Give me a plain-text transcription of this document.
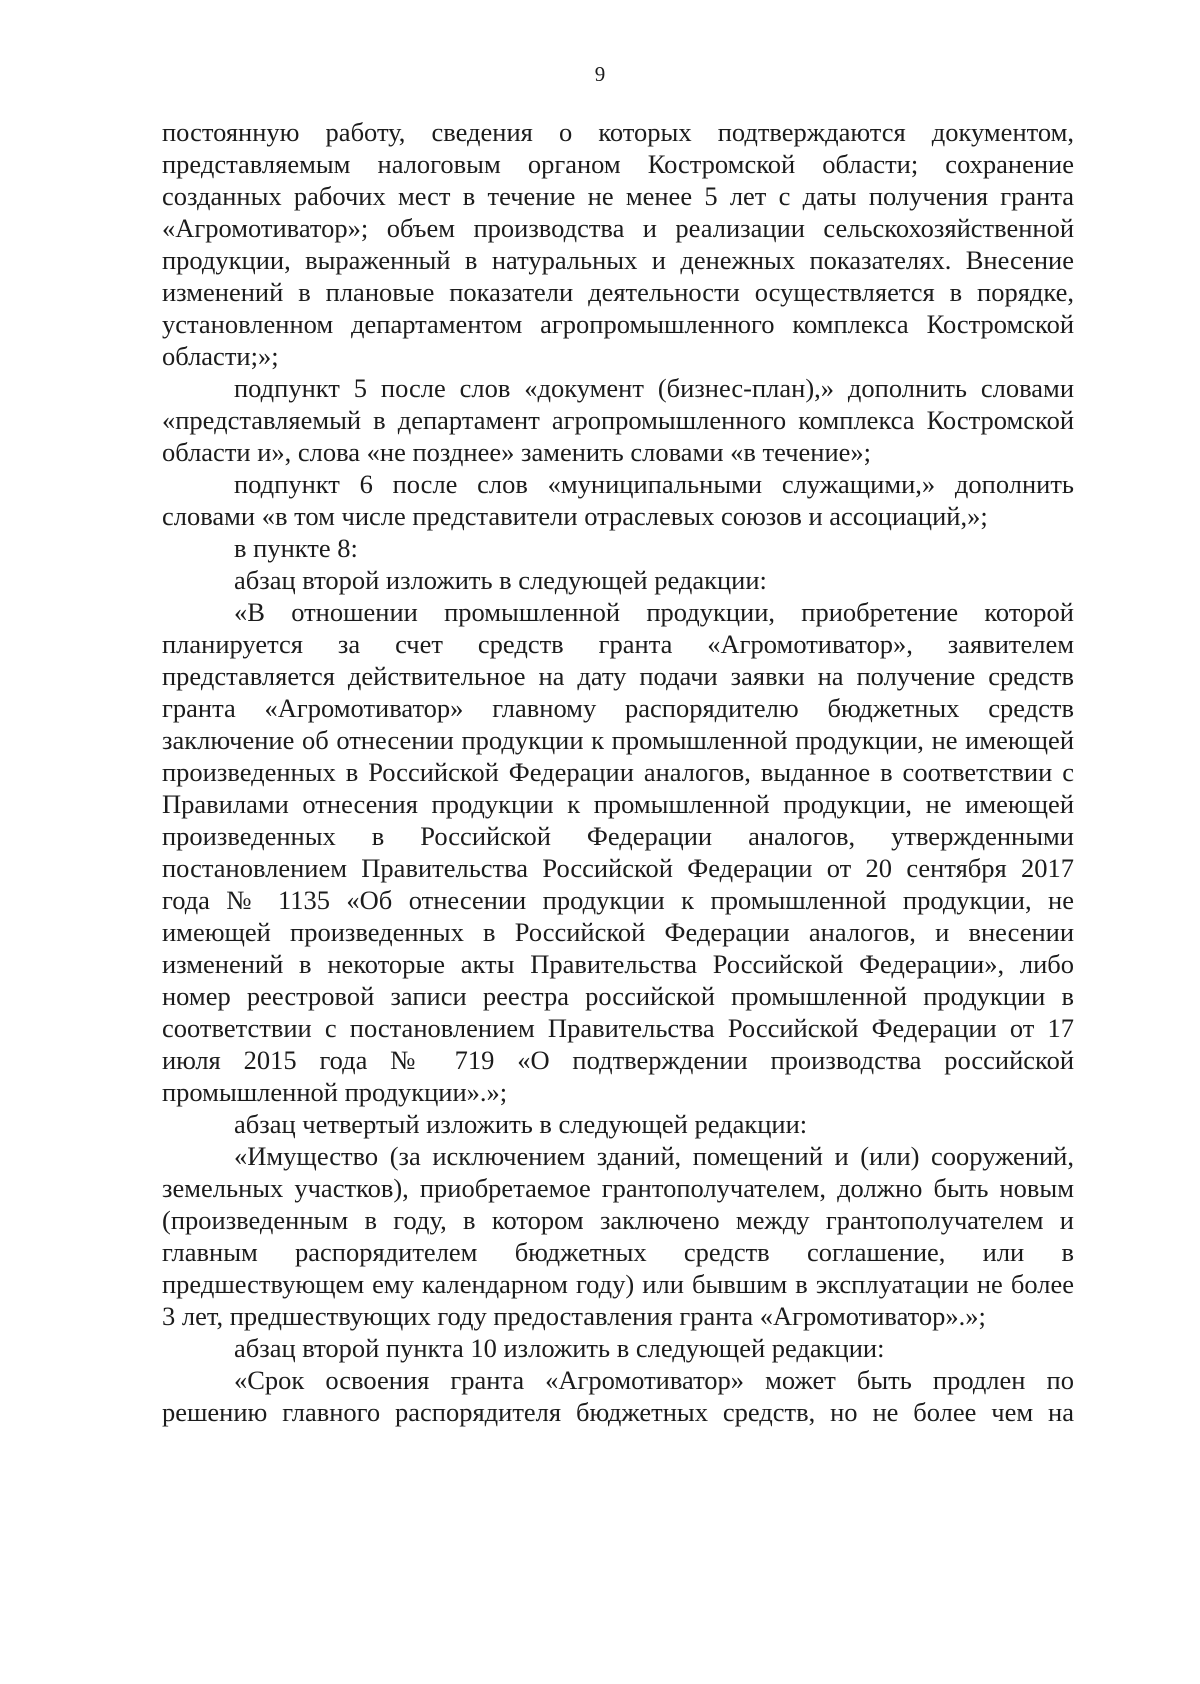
9

постоянную работу, сведения о которых подтверждаются документом, представляемым налоговым органом Костромской области; сохранение созданных рабочих мест в течение не менее 5 лет с даты получения гранта «Агромотиватор»; объем производства и реализации сельскохозяйственной продукции, выраженный в натуральных и денежных показателях. Внесение изменений в плановые показатели деятельности осуществляется в порядке, установленном департаментом агропромышленного комплекса Костромской области;»;

подпункт 5 после слов «документ (бизнес-план),» дополнить словами «представляемый в департамент агропромышленного комплекса Костромской области и», слова «не позднее» заменить словами «в течение»;

подпункт 6 после слов «муниципальными служащими,» дополнить словами «в том числе представители отраслевых союзов и ассоциаций,»;

в пункте 8:

абзац второй изложить в следующей редакции:

«В отношении промышленной продукции, приобретение которой планируется за счет средств гранта «Агромотиватор», заявителем представляется действительное на дату подачи заявки на получение средств гранта «Агромотиватор» главному распорядителю бюджетных средств заключение об отнесении продукции к промышленной продукции, не имеющей произведенных в Российской Федерации аналогов, выданное в соответствии с Правилами отнесения продукции к промышленной продукции, не имеющей произведенных в Российской Федерации аналогов, утвержденными постановлением Правительства Российской Федерации от 20 сентября 2017 года № 1135 «Об отнесении продукции к промышленной продукции, не имеющей произведенных в Российской Федерации аналогов, и внесении изменений в некоторые акты Правительства Российской Федерации», либо номер реестровой записи реестра российской промышленной продукции в соответствии с постановлением Правительства Российской Федерации от 17 июля 2015 года № 719 «О подтверждении производства российской промышленной продукции».»;

абзац четвертый изложить в следующей редакции:

«Имущество (за исключением зданий, помещений и (или) сооружений, земельных участков), приобретаемое грантополучателем, должно быть новым (произведенным в году, в котором заключено между грантополучателем и главным распорядителем бюджетных средств соглашение, или в предшествующем ему календарном году) или бывшим в эксплуатации не более 3 лет, предшествующих году предоставления гранта «Агромотиватор».»;

абзац второй пункта 10 изложить в следующей редакции:

«Срок освоения гранта «Агромотиватор» может быть продлен по решению главного распорядителя бюджетных средств, но не более чем на
